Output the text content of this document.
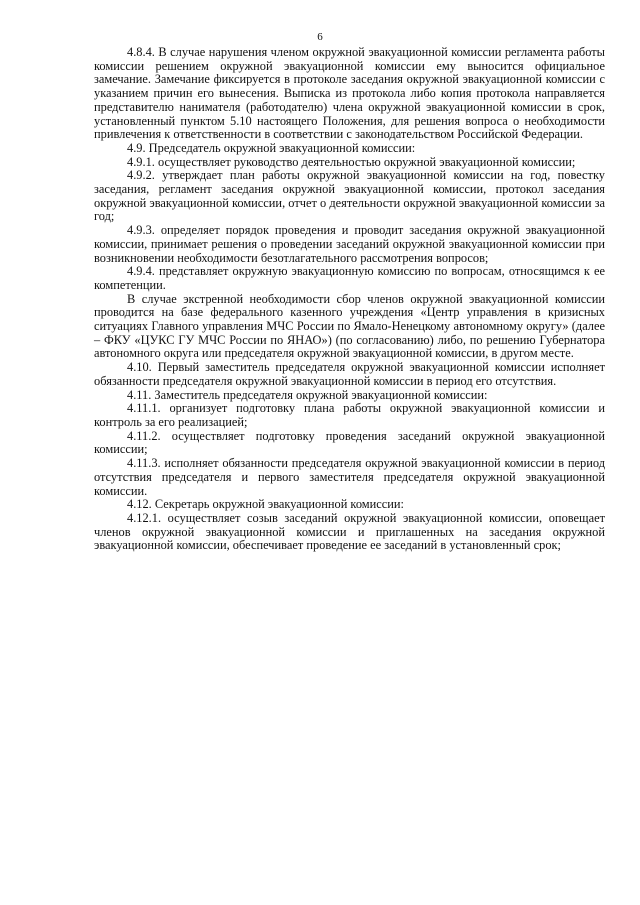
6

4.8.4. В случае нарушения членом окружной эвакуационной комиссии регламента работы комиссии решением окружной эвакуационной комиссии ему выносится официальное замечание. Замечание фиксируется в протоколе заседания окружной эвакуационной комиссии с указанием причин его вынесения. Выписка из протокола либо копия протокола направляется представителю нанимателя (работодателю) члена окружной эвакуационной комиссии в срок, установленный пунктом 5.10 настоящего Положения, для решения вопроса о необходимости привлечения к ответственности в соответствии с законодательством Российской Федерации.

4.9. Председатель окружной эвакуационной комиссии:

4.9.1. осуществляет руководство деятельностью окружной эвакуационной комиссии;

4.9.2. утверждает план работы окружной эвакуационной комиссии на год, повестку заседания, регламент заседания окружной эвакуационной комиссии, протокол заседания окружной эвакуационной комиссии, отчет о деятельности окружной эвакуационной комиссии за год;

4.9.3. определяет порядок проведения и проводит заседания окружной эвакуационной комиссии, принимает решения о проведении заседаний окружной эвакуационной комиссии при возникновении необходимости безотлагательного рассмотрения вопросов;

4.9.4. представляет окружную эвакуационную комиссию по вопросам, относящимся к ее компетенции.

В случае экстренной необходимости сбор членов окружной эвакуационной комиссии проводится на базе федерального казенного учреждения «Центр управления в кризисных ситуациях Главного управления МЧС России по Ямало-Ненецкому автономному округу» (далее – ФКУ «ЦУКС ГУ МЧС России по ЯНАО») (по согласованию) либо, по решению Губернатора автономного округа или председателя окружной эвакуационной комиссии, в другом месте.

4.10. Первый заместитель председателя окружной эвакуационной комиссии исполняет обязанности председателя окружной эвакуационной комиссии в период его отсутствия.

4.11. Заместитель председателя окружной эвакуационной комиссии:

4.11.1. организует подготовку плана работы окружной эвакуационной комиссии и контроль за его реализацией;

4.11.2. осуществляет подготовку проведения заседаний окружной эвакуационной комиссии;

4.11.3. исполняет обязанности председателя окружной эвакуационной комиссии в период отсутствия председателя и первого заместителя председателя окружной эвакуационной комиссии.

4.12. Секретарь окружной эвакуационной комиссии:

4.12.1. осуществляет созыв заседаний окружной эвакуационной комиссии, оповещает членов окружной эвакуационной комиссии и приглашенных на заседания окружной эвакуационной комиссии, обеспечивает проведение ее заседаний в установленный срок;
